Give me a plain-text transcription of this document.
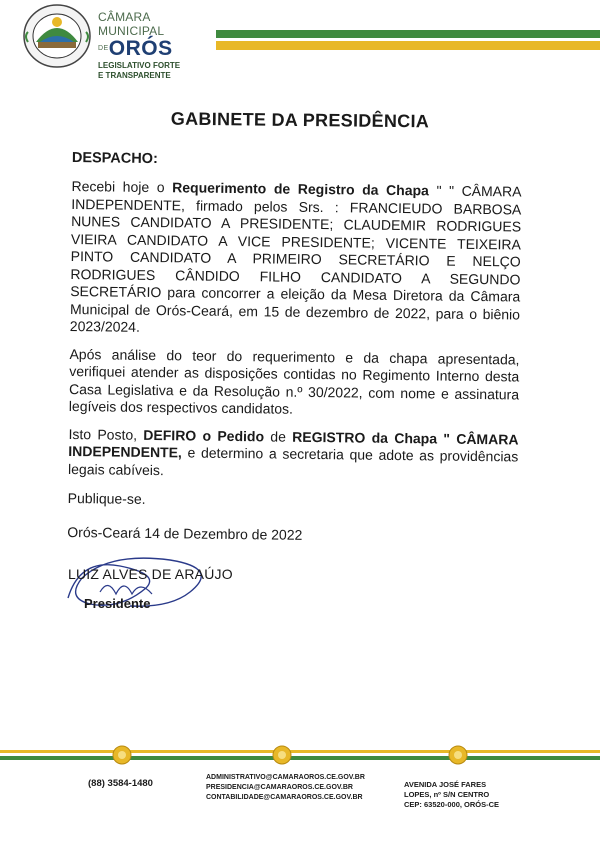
CÂMARA MUNICIPAL
$^{DE}$ORÓS
LEGISLATIVO FORTE
E TRANSPARENTE
GABINETE DA PRESIDÊNCIA
DESPACHO:

Recebi hoje o Requerimento de Registro da Chapa " " CÂMARA INDEPENDENTE, firmado pelos Srs. : FRANCIEUDO BARBOSA NUNES CANDIDATO A PRESIDENTE; CLAUDEMIR RODRIGUES VIEIRA CANDIDATO A VICE PRESIDENTE; VICENTE TEIXEIRA PINTO CANDIDATO A PRIMEIRO SECRETÁRIO E NELÇO RODRIGUES CÂNDIDO FILHO CANDIDATO A SEGUNDO SECRETÁRIO para concorrer a eleição da Mesa Diretora da Câmara Municipal de Orós-Ceará, em 15 de dezembro de 2022, para o biênio 2023/2024.

Após análise do teor do requerimento e da chapa apresentada, verifiquei atender as disposições contidas no Regimento Interno desta Casa Legislativa e da Resolução n.º 30/2022, com nome e assinatura legíveis dos respectivos candidatos.

Isto Posto, DEFIRO o Pedido de REGISTRO da Chapa " CÂMARA INDEPENDENTE, e determino a secretaria que adote as providências legais cabíveis.

Publique-se.

Orós-Ceará 14 de Dezembro de 2022

LUIZ ALVES DE ARAÚJO
Presidente
(88) 3584-1480
ADMINISTRATIVO@CAMARAOROS.CE.GOV.BR
PRESIDENCIA@CAMARAOROS.CE.GOV.BR
CONTABILIDADE@CAMARAOROS.CE.GOV.BR
AVENIDA JOSÉ FARES
LOPES, nº S/N CENTRO
CEP: 63520-000, ORÓS-CE
